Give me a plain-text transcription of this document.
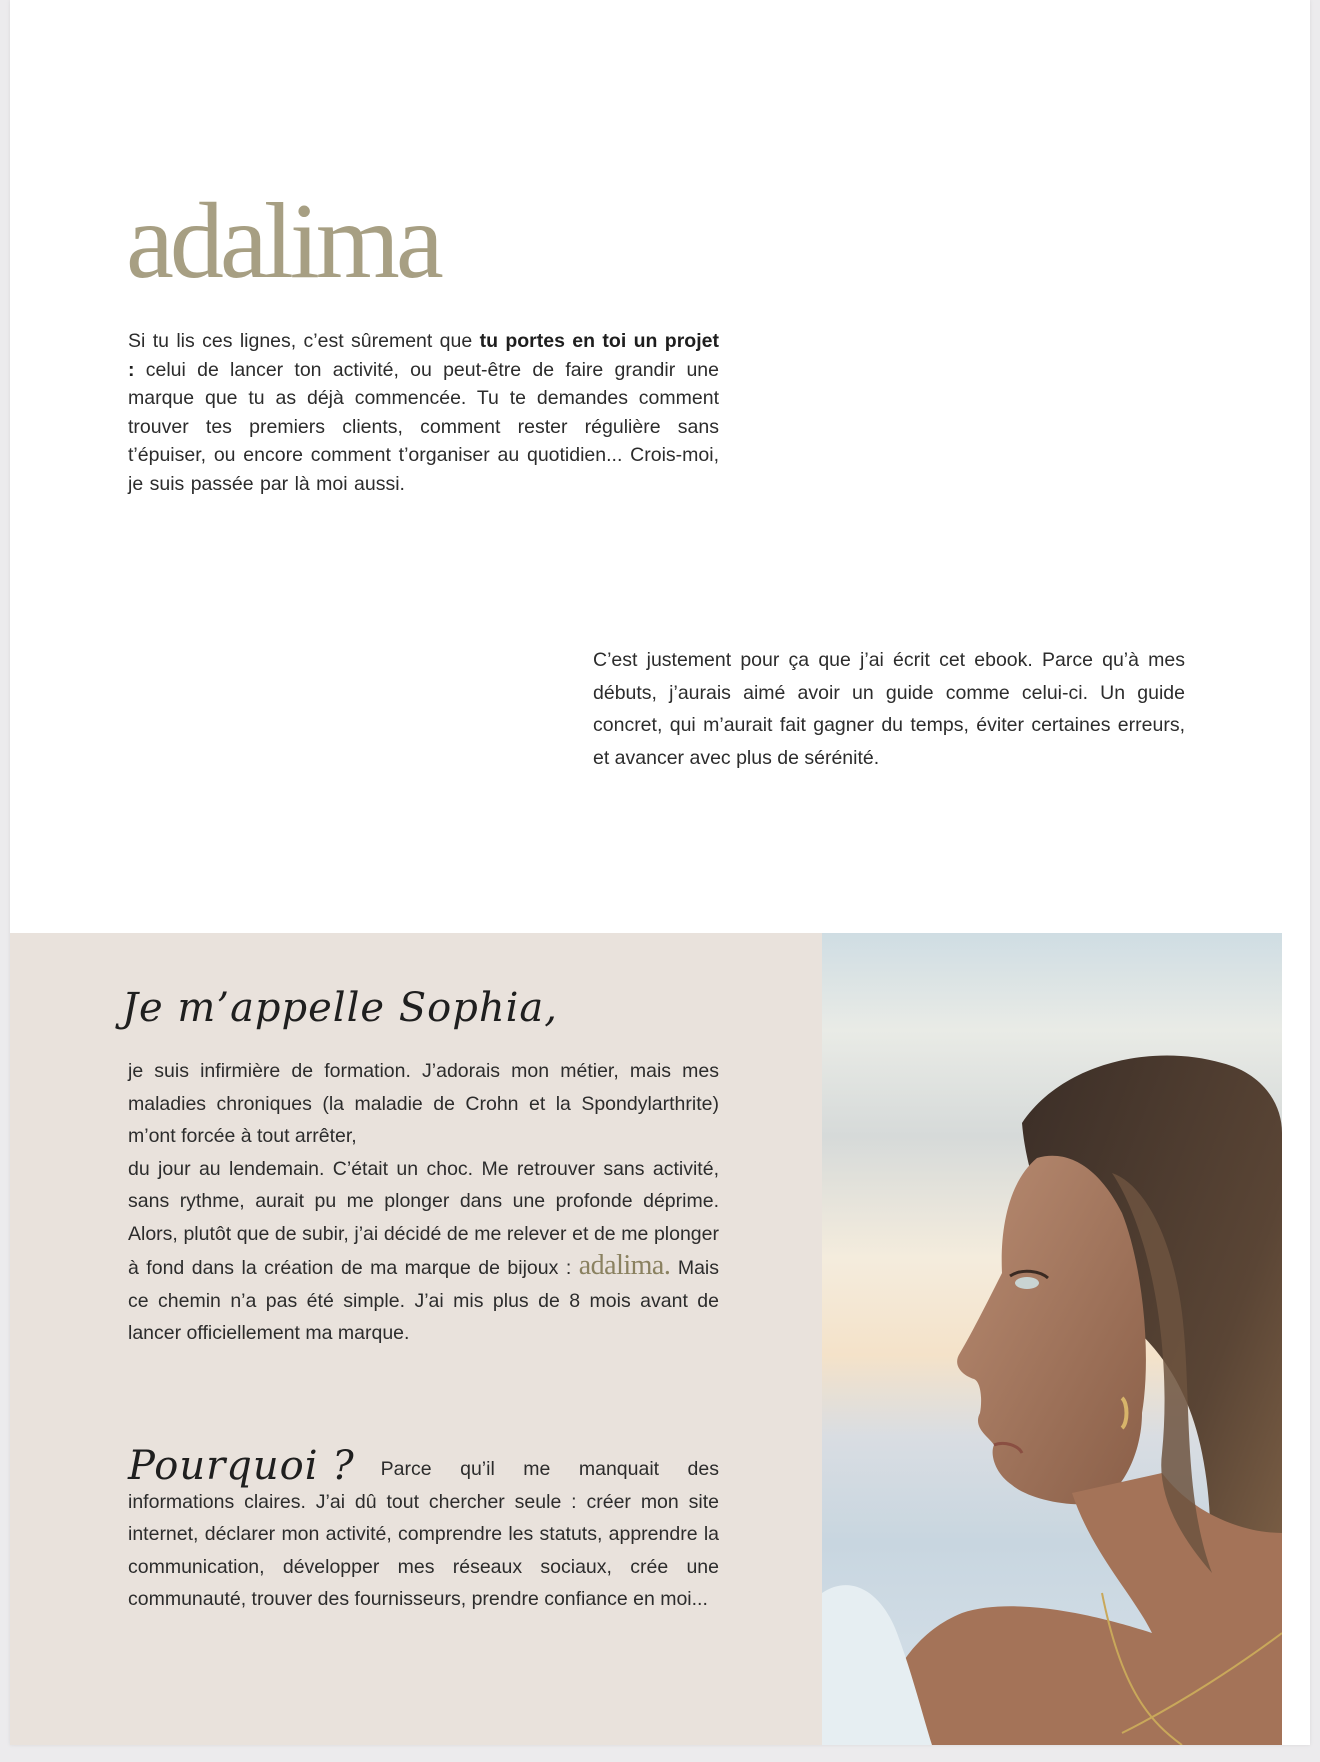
adalima

Si tu lis ces lignes, c’est sûrement que tu portes en toi un projet : celui de lancer ton activité, ou peut-être de faire grandir une marque que tu as déjà commencée. Tu te demandes comment trouver tes premiers clients, comment rester régulière sans t’épuiser, ou encore comment t’organiser au quotidien... Crois-moi, je suis passée par là moi aussi.

C’est justement pour ça que j’ai écrit cet ebook. Parce qu’à mes débuts, j’aurais aimé avoir un guide comme celui-ci. Un guide concret, qui m’aurait fait gagner du temps, éviter certaines erreurs, et avancer avec plus de sérénité.

Je m’appelle Sophia,

je suis infirmière de formation. J’adorais mon métier, mais mes maladies chroniques (la maladie de Crohn et la Spondylarthrite) m’ont forcée à tout arrêter,
du jour au lendemain. C’était un choc. Me retrouver sans activité, sans rythme, aurait pu me plonger dans une profonde déprime. Alors, plutôt que de subir, j’ai décidé de me relever et de me plonger à fond dans la création de ma marque de bijoux : adalima. Mais ce chemin n’a pas été simple. J’ai mis plus de 8 mois avant de lancer officiellement ma marque.

Pourquoi ? Parce qu’il me manquait des informations claires. J’ai dû tout chercher seule : créer mon site internet, déclarer mon activité, comprendre les statuts, apprendre la communication, développer mes réseaux sociaux, crée une communauté, trouver des fournisseurs, prendre confiance en moi...
